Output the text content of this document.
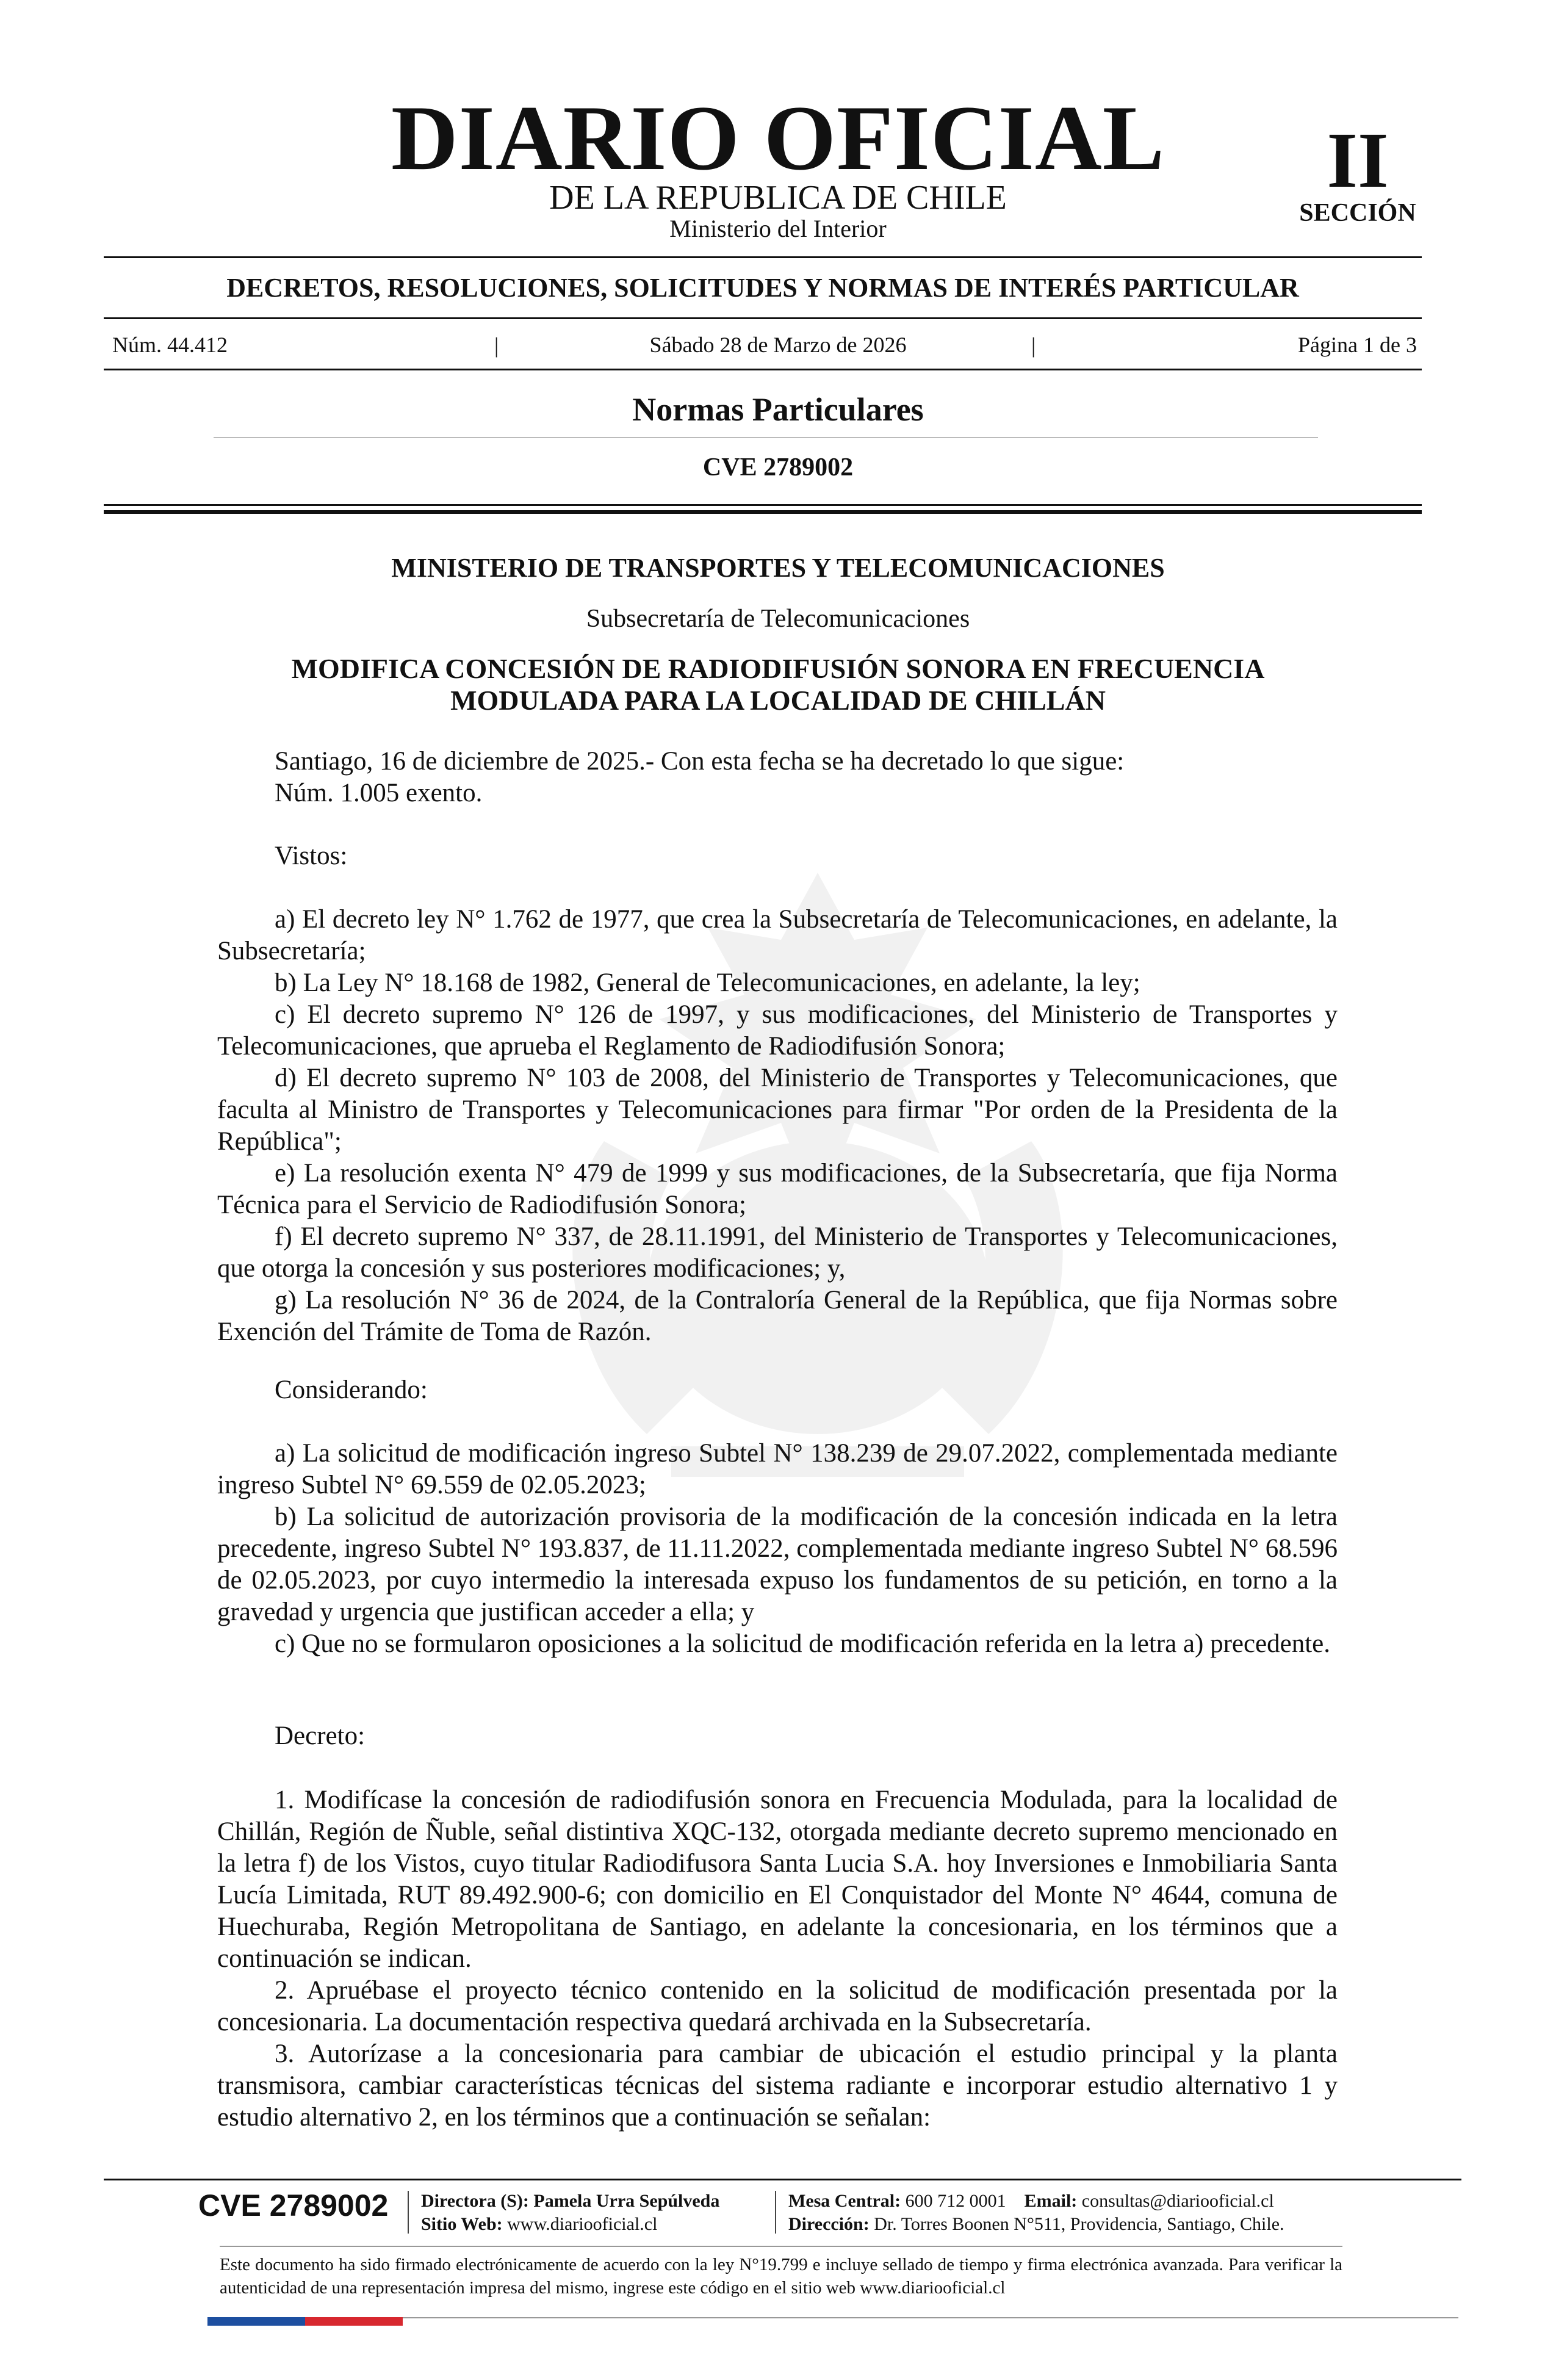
DIARIO OFICIAL
DE LA REPUBLICA DE CHILE
Ministerio del Interior
II
SECCIÓN
DECRETOS, RESOLUCIONES, SOLICITUDES Y NORMAS DE INTERÉS PARTICULAR
Núm. 44.412	|	Sábado 28 de Marzo de 2026	|	Página 1 de 3
Normas Particulares
CVE 2789002
MINISTERIO DE TRANSPORTES Y TELECOMUNICACIONES
Subsecretaría de Telecomunicaciones
MODIFICA CONCESIÓN DE RADIODIFUSIÓN SONORA EN FRECUENCIA
MODULADA PARA LA LOCALIDAD DE CHILLÁN
Santiago, 16 de diciembre de 2025.- Con esta fecha se ha decretado lo que sigue:
Núm. 1.005 exento.
Vistos:

a) El decreto ley N° 1.762 de 1977, que crea la Subsecretaría de Telecomunicaciones, en adelante, la Subsecretaría;

b) La Ley N° 18.168 de 1982, General de Telecomunicaciones, en adelante, la ley;

c) El decreto supremo N° 126 de 1997, y sus modificaciones, del Ministerio de Transportes y Telecomunicaciones, que aprueba el Reglamento de Radiodifusión Sonora;

d) El decreto supremo N° 103 de 2008, del Ministerio de Transportes y Telecomunicaciones, que faculta al Ministro de Transportes y Telecomunicaciones para firmar "Por orden de la Presidenta de la República";

e) La resolución exenta N° 479 de 1999 y sus modificaciones, de la Subsecretaría, que fija Norma Técnica para el Servicio de Radiodifusión Sonora;

f) El decreto supremo N° 337, de 28.11.1991, del Ministerio de Transportes y Telecomunicaciones, que otorga la concesión y sus posteriores modificaciones; y,

g) La resolución N° 36 de 2024, de la Contraloría General de la República, que fija Normas sobre Exención del Trámite de Toma de Razón.

Considerando:

a) La solicitud de modificación ingreso Subtel N° 138.239 de 29.07.2022, complementada mediante ingreso Subtel N° 69.559 de 02.05.2023;

b) La solicitud de autorización provisoria de la modificación de la concesión indicada en la letra precedente, ingreso Subtel N° 193.837, de 11.11.2022, complementada mediante ingreso Subtel N° 68.596 de 02.05.2023, por cuyo intermedio la interesada expuso los fundamentos de su petición, en torno a la gravedad y urgencia que justifican acceder a ella; y

c) Que no se formularon oposiciones a la solicitud de modificación referida en la letra a) precedente.

Decreto:

1. Modifícase la concesión de radiodifusión sonora en Frecuencia Modulada, para la localidad de Chillán, Región de Ñuble, señal distintiva XQC-132, otorgada mediante decreto supremo mencionado en la letra f) de los Vistos, cuyo titular Radiodifusora Santa Lucia S.A. hoy Inversiones e Inmobiliaria Santa Lucía Limitada, RUT 89.492.900-6; con domicilio en El Conquistador del Monte N° 4644, comuna de Huechuraba, Región Metropolitana de Santiago, en adelante la concesionaria, en los términos que a continuación se indican.

2. Apruébase el proyecto técnico contenido en la solicitud de modificación presentada por la concesionaria. La documentación respectiva quedará archivada en la Subsecretaría.

3. Autorízase a la concesionaria para cambiar de ubicación el estudio principal y la planta transmisora, cambiar características técnicas del sistema radiante e incorporar estudio alternativo 1 y estudio alternativo 2, en los términos que a continuación se señalan:

CVE 2789002 Directora (S): Pamela Urra Sepúlveda
Sitio Web: www.diariooficial.cl
Mesa Central: 600 712 0001 Email: consultas@diariooficial.cl
Dirección: Dr. Torres Boonen N°511, Providencia, Santiago, Chile.
Este documento ha sido firmado electrónicamente de acuerdo con la ley N°19.799 e incluye sellado de tiempo y firma electrónica avanzada. Para verificar la autenticidad de una representación impresa del mismo, ingrese este código en el sitio web www.diariooficial.cl
